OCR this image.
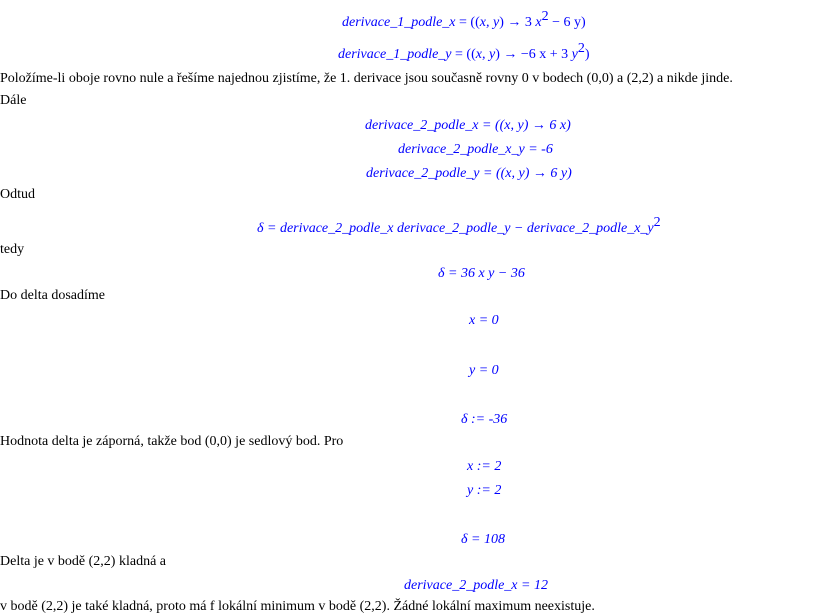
derivace_1_podle_x = ((x, y) → 3 $x^2 - 6$ y)
derivace_1_podle_y = ((x, y) → −6 x + 3 $y^2$)
Položíme-li oboje rovno nule a řešíme najednou zjistíme, že 1. derivace jsou současně rovny 0 v bodech (0,0) a (2,2) a nikde jinde.
Dále
derivace_2_podle_x = ((x, y) → 6 x)
derivace_2_podle_x_y = -6
derivace_2_podle_y = ((x, y) → 6 y)
Odtud
δ = derivace_2_podle_x derivace_2_podle_y − $derivace\_2\_podle\_x\_y^2$
tedy
δ = 36 x y − 36
Do delta dosadíme
x = 0
y = 0
δ := -36
Hodnota delta je záporná, takže bod (0,0) je sedlový bod. Pro
x := 2
y := 2
δ = 108
Delta je v bodě (2,2) kladná a
derivace_2_podle_x = 12
v bodě (2,2) je také kladná, proto má f lokální minimum v bodě (2,2). Žádné lokální maximum neexistuje.
